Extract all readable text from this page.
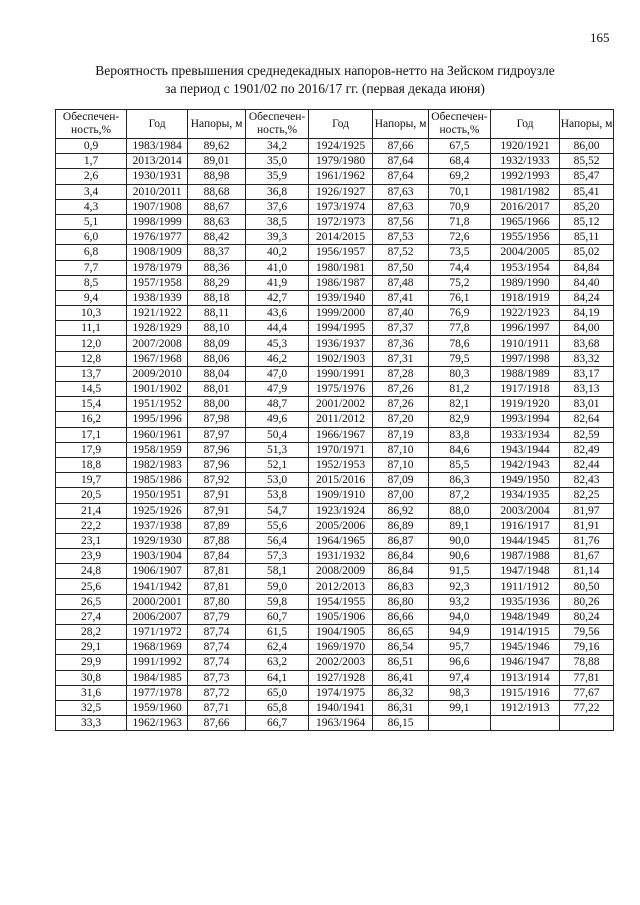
165
Вероятность превышения среднедекадных напоров-нетто на Зейском гидроузле
за период с 1901/02 по 2016/17 гг. (первая декада июня)
Обеспечен-ность,%	Год	Напоры, м	Обеспечен-ность,%	Год	Напоры, м	Обеспечен-ность,%	Год	Напоры, м
0,9	1983/1984	89,62	34,2	1924/1925	87,66	67,5	1920/1921	86,00
1,7	2013/2014	89,01	35,0	1979/1980	87,64	68,4	1932/1933	85,52
2,6	1930/1931	88,98	35,9	1961/1962	87,64	69,2	1992/1993	85,47
3,4	2010/2011	88,68	36,8	1926/1927	87,63	70,1	1981/1982	85,41
4,3	1907/1908	88,67	37,6	1973/1974	87,63	70,9	2016/2017	85,20
5,1	1998/1999	88,63	38,5	1972/1973	87,56	71,8	1965/1966	85,12
6,0	1976/1977	88,42	39,3	2014/2015	87,53	72,6	1955/1956	85,11
6,8	1908/1909	88,37	40,2	1956/1957	87,52	73,5	2004/2005	85,02
7,7	1978/1979	88,36	41,0	1980/1981	87,50	74,4	1953/1954	84,84
8,5	1957/1958	88,29	41,9	1986/1987	87,48	75,2	1989/1990	84,40
9,4	1938/1939	88,18	42,7	1939/1940	87,41	76,1	1918/1919	84,24
10,3	1921/1922	88,11	43,6	1999/2000	87,40	76,9	1922/1923	84,19
11,1	1928/1929	88,10	44,4	1994/1995	87,37	77,8	1996/1997	84,00
12,0	2007/2008	88,09	45,3	1936/1937	87,36	78,6	1910/1911	83,68
12,8	1967/1968	88,06	46,2	1902/1903	87,31	79,5	1997/1998	83,32
13,7	2009/2010	88,04	47,0	1990/1991	87,28	80,3	1988/1989	83,17
14,5	1901/1902	88,01	47,9	1975/1976	87,26	81,2	1917/1918	83,13
15,4	1951/1952	88,00	48,7	2001/2002	87,26	82,1	1919/1920	83,01
16,2	1995/1996	87,98	49,6	2011/2012	87,20	82,9	1993/1994	82,64
17,1	1960/1961	87,97	50,4	1966/1967	87,19	83,8	1933/1934	82,59
17,9	1958/1959	87,96	51,3	1970/1971	87,10	84,6	1943/1944	82,49
18,8	1982/1983	87,96	52,1	1952/1953	87,10	85,5	1942/1943	82,44
19,7	1985/1986	87,92	53,0	2015/2016	87,09	86,3	1949/1950	82,43
20,5	1950/1951	87,91	53,8	1909/1910	87,00	87,2	1934/1935	82,25
21,4	1925/1926	87,91	54,7	1923/1924	86,92	88,0	2003/2004	81,97
22,2	1937/1938	87,89	55,6	2005/2006	86,89	89,1	1916/1917	81,91
23,1	1929/1930	87,88	56,4	1964/1965	86,87	90,0	1944/1945	81,76
23,9	1903/1904	87,84	57,3	1931/1932	86,84	90,6	1987/1988	81,67
24,8	1906/1907	87,81	58,1	2008/2009	86,84	91,5	1947/1948	81,14
25,6	1941/1942	87,81	59,0	2012/2013	86,83	92,3	1911/1912	80,50
26,5	2000/2001	87,80	59,8	1954/1955	86,80	93,2	1935/1936	80,26
27,4	2006/2007	87,79	60,7	1905/1906	86,66	94,0	1948/1949	80,24
28,2	1971/1972	87,74	61,5	1904/1905	86,65	94,9	1914/1915	79,56
29,1	1968/1969	87,74	62,4	1969/1970	86,54	95,7	1945/1946	79,16
29,9	1991/1992	87,74	63,2	2002/2003	86,51	96,6	1946/1947	78,88
30,8	1984/1985	87,73	64,1	1927/1928	86,41	97,4	1913/1914	77,81
31,6	1977/1978	87,72	65,0	1974/1975	86,32	98,3	1915/1916	77,67
32,5	1959/1960	87,71	65,8	1940/1941	86,31	99,1	1912/1913	77,22
33,3	1962/1963	87,66	66,7	1963/1964	86,15			
